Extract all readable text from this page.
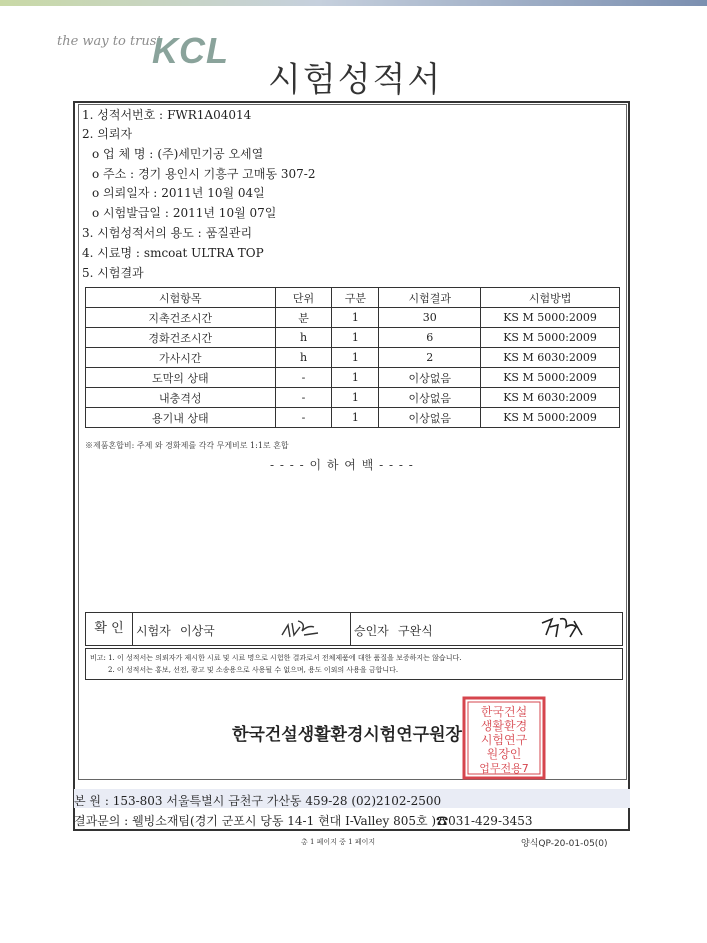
the way to trust
KCL
시험성적서
1. 성적서번호 : FWR1A04014
2. 의뢰자
o 업 체 명 : (주)세민기공 오세열
o 주소 : 경기 용인시 기흥구 고매동 307-2
o 의뢰일자 : 2011년 10월 04일
o 시험발급일 : 2011년 10월 07일
3. 시험성적서의 용도 : 품질관리
4. 시료명 : smcoat ULTRA TOP
5. 시험결과
시험항목	단위	구분	시험결과	시험방법
지촉건조시간	분	1	30	KS M 5000:2009
경화건조시간	h	1	6	KS M 5000:2009
가사시간	h	1	2	KS M 6030:2009
도막의 상태	-	1	이상없음	KS M 5000:2009
내충격성	-	1	이상없음	KS M 6030:2009
용기내 상태	-	1	이상없음	KS M 5000:2009
※제품혼합비: 주제 와 경화제를 각각 무게비로 1:1로 혼합
- - - - 이 하 여 백 - - - -
확 인	시험자 이상국	승인자 구완식
비고: 1. 이 성적서는 의뢰자가 제시한 시료 및 시료 명으로 시험한 결과로서 전체제품에 대한 품질을 보증하지는 않습니다.
2. 이 성적서는 홍보, 선전, 광고 및 소송용으로 사용될 수 없으며, 용도 이외의 사용을 금합니다.
한국건설생활환경시험연구원장
한국건설
생활환경
시험연구
원장인
업무전용7
본 원 : 153-803 서울특별시 금천구 가산동 459-28 (02)2102-2500
결과문의 : 웰빙소재팀(경기 군포시 당동 14-1 현대 I-Valley 805호 )☎031-429-3453
총 1 페이지 중 1 페이지	양식QP-20-01-05(0)
